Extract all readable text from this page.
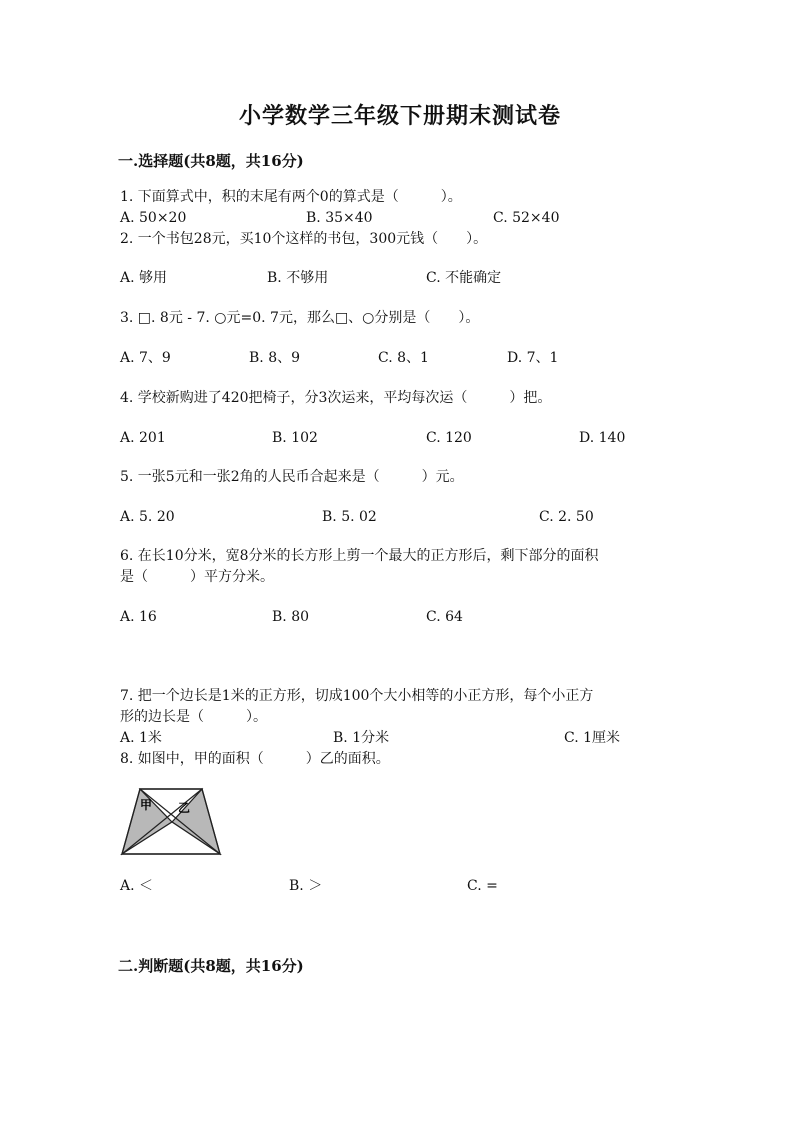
小学数学三年级下册期末测试卷
一.选择题(共8题，共16分)
1. 下面算式中，积的末尾有两个0的算式是（　　　）。
A. 50×20	B. 35×40	C. 52×40
2. 一个书包28元，买10个这样的书包，300元钱（　　）。
A. 够用	B. 不够用	C. 不能确定
3. □. 8元 - 7. ○元=0. 7元，那么□、○分别是（　　）。
A. 7、9	B. 8、9	C. 8、1	D. 7、1
4. 学校新购进了420把椅子，分3次运来，平均每次运（　　　）把。
A. 201	B. 102	C. 120	D. 140
5. 一张5元和一张2角的人民币合起来是（　　　）元。
A. 5. 20	B. 5. 02	C. 2. 50
6. 在长10分米，宽8分米的长方形上剪一个最大的正方形后，剩下部分的面积
是（　　　）平方分米。
A. 16	B. 80	C. 64
7. 把一个边长是1米的正方形，切成100个大小相等的小正方形，每个小正方
形的边长是（　　　）。
A. 1米	B. 1分米	C. 1厘米
8. 如图中，甲的面积（　　　）乙的面积。
甲 乙
A. ＜	B. ＞	C. =
二.判断题(共8题，共16分)
